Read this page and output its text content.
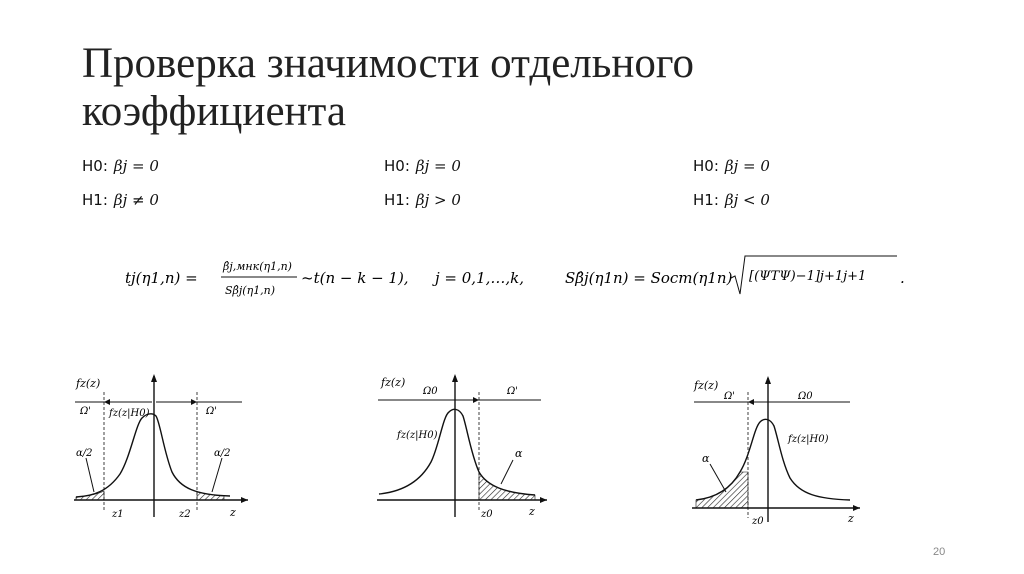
Проверка значимости отдельного
коэффициента
H0: βj = 0
H1: βj ≠ 0
H0: βj = 0
H1: βj > 0
H0: βj = 0
H1: βj < 0
tj(η1,n) =
β̂j,мнк(η1,n)
Sβ̂j(η1,n)
~t(n − k − 1), j = 0,1,…,k,	Sβ̂j(η1n) = Sост(η1n) [(ΨTΨ)−1]j+1j+1 .
fz(z)
Ω'	Ω'
fz(z|H0)
α/2	α/2
z1	z2	z
fz(z)
Ω0	Ω'
fz(z|H0)
α
z0	z
fz(z)
Ω'	Ω0
fz(z|H0)
α
z0	z
20
